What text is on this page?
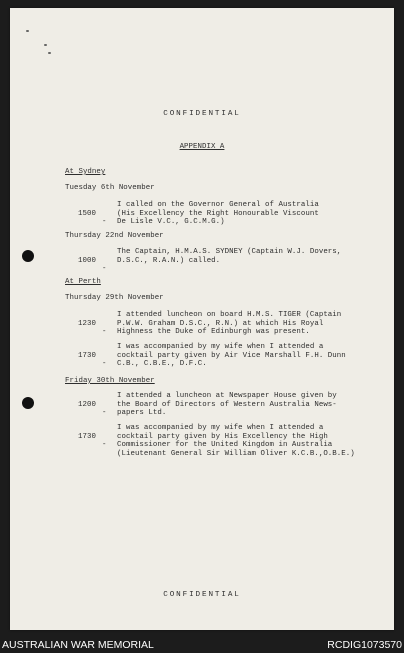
CONFIDENTIAL
APPENDIX A
At Sydney
Tuesday 6th November

1500

-

I called on the Governor General of Australia

(His Excellency the Right Honourable Viscount

De Lisle V.C., G.C.M.G.)

Thursday 22nd November

1000

-

The Captain, H.M.A.S. SYDNEY (Captain W.J. Dovers,

D.S.C., R.A.N.) called.

At Perth
Thursday 29th November

1230

-

I attended luncheon on board H.M.S. TIGER (Captain

P.W.W. Graham D.S.C., R.N.) at which His Royal

Highness the Duke of Edinburgh was present.

1730

-

I was accompanied by my wife when I attended a

cocktail party given by Air Vice Marshall F.H. Dunn

C.B., C.B.E., D.F.C.

Friday 30th November

1200

-

I attended a luncheon at Newspaper House given by

the Board of Directors of Western Australia News-

papers Ltd.

1730

-

I was accompanied by my wife when I attended a

cocktail party given by His Excellency the High

Commissioner for the United Kingdom in Australia

(Lieutenant General Sir William Oliver K.C.B.,O.B.E.)

CONFIDENTIAL
AUSTRALIAN WAR MEMORIAL	RCDIG1073570
